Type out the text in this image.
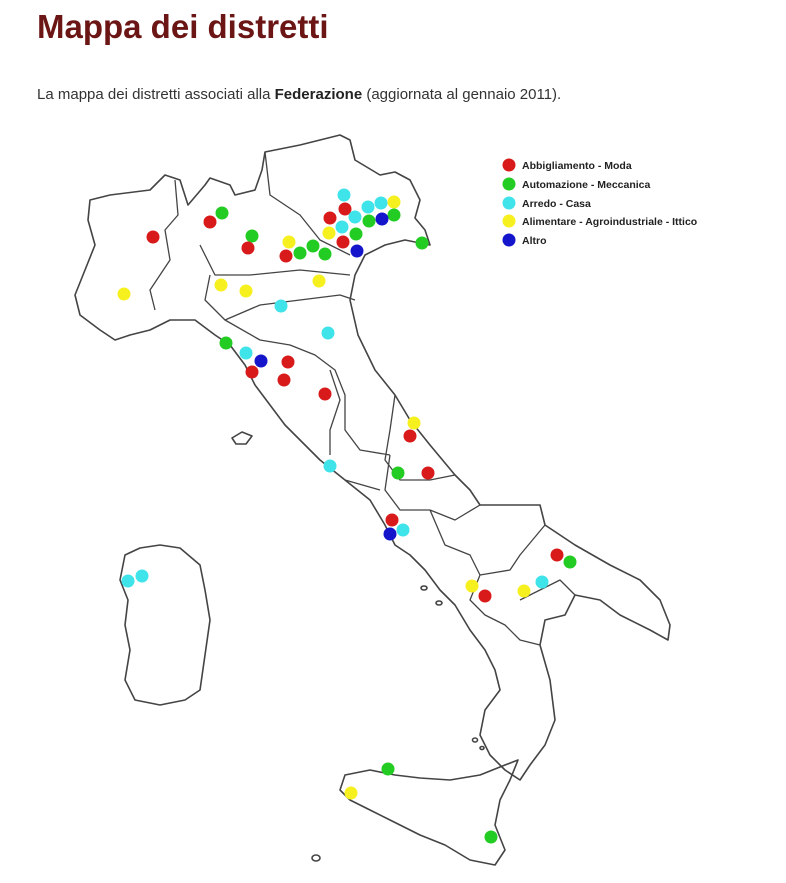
Mappa dei distretti

La mappa dei distretti associati alla Federazione (aggiornata al gennaio 2011).

Abbigliamento - Moda
Automazione - Meccanica
Arredo - Casa
Alimentare - Agroindustriale - Ittico
Altro
